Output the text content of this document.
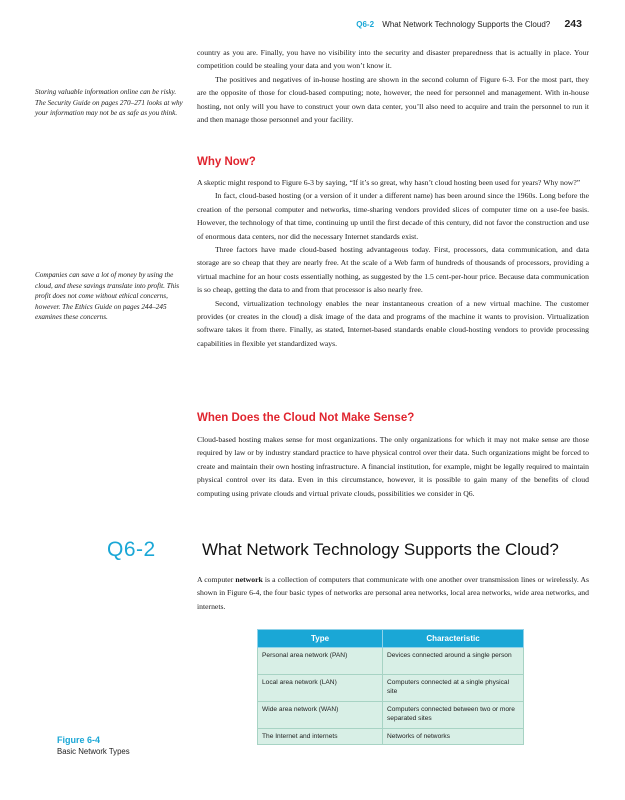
Q6-2 What Network Technology Supports the Cloud? 243

country as you are. Finally, you have no visibility into the security and disaster preparedness that is actually in place. Your competition could be stealing your data and you won’t know it.

The positives and negatives of in-house hosting are shown in the second column of Figure 6-3. For the most part, they are the opposite of those for cloud-based computing; note, however, the need for personnel and management. With in-house hosting, not only will you have to construct your own data center, you’ll also need to acquire and train the personnel to run it and then manage those personnel and your facility.

Storing valuable information online can be risky. The Security Guide on pages 270–271 looks at why your information may not be as safe as you think.
Why Now?

A skeptic might respond to Figure 6-3 by saying, “If it’s so great, why hasn’t cloud hosting been used for years? Why now?”

In fact, cloud-based hosting (or a version of it under a different name) has been around since the 1960s. Long before the creation of the personal computer and networks, time-sharing vendors provided slices of computer time on a use-fee basis. However, the technology of that time, continuing up until the first decade of this century, did not favor the construction and use of enormous data centers, nor did the necessary Internet standards exist.

Three factors have made cloud-based hosting advantageous today. First, processors, data communication, and data storage are so cheap that they are nearly free. At the scale of a Web farm of hundreds of thousands of processors, providing a virtual machine for an hour costs essentially nothing, as suggested by the 1.5 cent-per-hour price. Because data communication is so cheap, getting the data to and from that processor is also nearly free.

Second, virtualization technology enables the near instantaneous creation of a new virtual machine. The customer provides (or creates in the cloud) a disk image of the data and programs of the machine it wants to provision. Virtualization software takes it from there. Finally, as stated, Internet-based standards enable cloud-hosting vendors to provide processing capabilities in flexible yet standardized ways.

Companies can save a lot of money by using the cloud, and these savings translate into profit. This profit does not come without ethical concerns, however. The Ethics Guide on pages 244–245 examines these concerns.
When Does the Cloud Not Make Sense?

Cloud-based hosting makes sense for most organizations. The only organizations for which it may not make sense are those required by law or by industry standard practice to have physical control over their data. Such organizations might be forced to create and maintain their own hosting infrastructure. A financial institution, for example, might be legally required to maintain physical control over its data. Even in this circumstance, however, it is possible to gain many of the benefits of cloud computing using private clouds and virtual private clouds, possibilities we consider in Q6.

Q6-2	What Network Technology Supports the Cloud?

A computer network is a collection of computers that communicate with one another over transmission lines or wirelessly. As shown in Figure 6-4, the four basic types of networks are personal area networks, local area networks, wide area networks, and internets.

Type	Characteristic
Personal area network (PAN)	Devices connected around a single person
Local area network (LAN)	Computers connected at a single physical site
Wide area network (WAN)	Computers connected between two or more separated sites
The Internet and internets	Networks of networks
Figure 6-4
Basic Network Types
